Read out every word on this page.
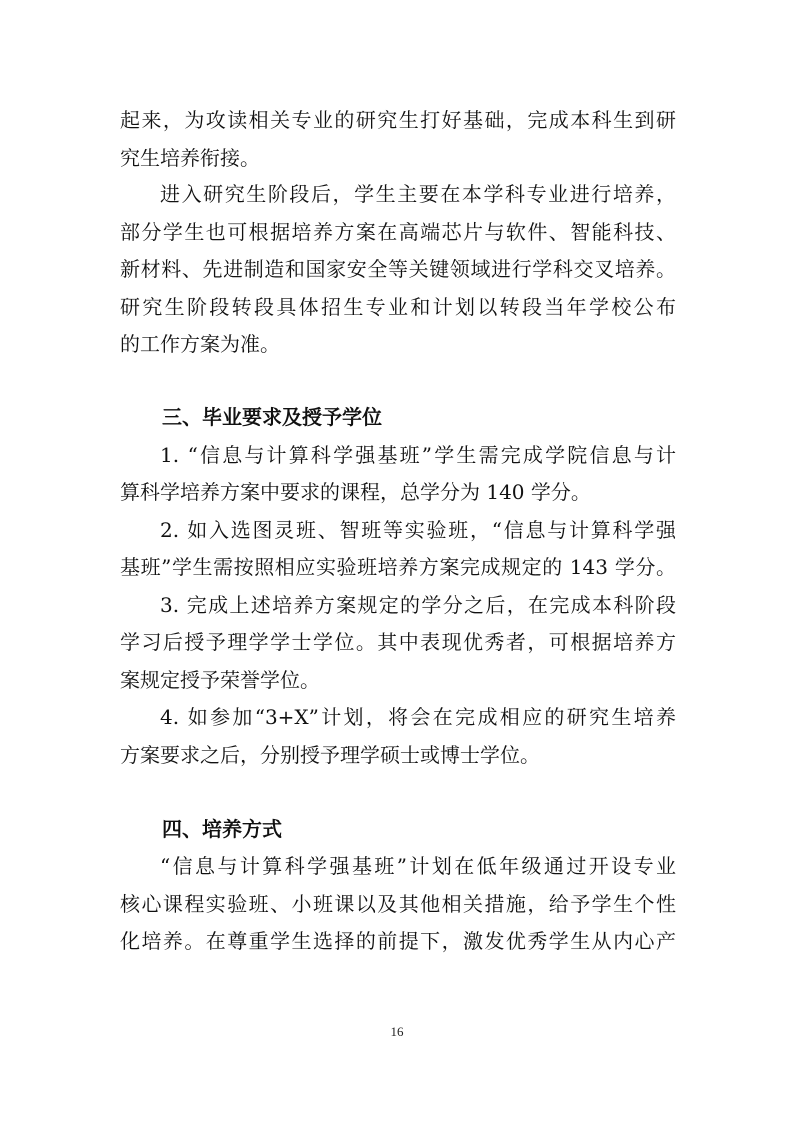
起来，为攻读相关专业的研究生打好基础，完成本科生到研
究生培养衔接。
进入研究生阶段后，学生主要在本学科专业进行培养，
部分学生也可根据培养方案在高端芯片与软件、智能科技、
新材料、先进制造和国家安全等关键领域进行学科交叉培养。
研究生阶段转段具体招生专业和计划以转段当年学校公布
的工作方案为准。
三、毕业要求及授予学位
1. “信息与计算科学强基班”学生需完成学院信息与计
算科学培养方案中要求的课程，总学分为 140 学分。
2. 如入选图灵班、智班等实验班，“信息与计算科学强
基班”学生需按照相应实验班培养方案完成规定的 143 学分。
3. 完成上述培养方案规定的学分之后，在完成本科阶段
学习后授予理学学士学位。其中表现优秀者，可根据培养方
案规定授予荣誉学位。
4. 如参加“3+X”计划，将会在完成相应的研究生培养
方案要求之后，分别授予理学硕士或博士学位。
四、培养方式
“信息与计算科学强基班”计划在低年级通过开设专业
核心课程实验班、小班课以及其他相关措施，给予学生个性
化培养。在尊重学生选择的前提下，激发优秀学生从内心产
16
